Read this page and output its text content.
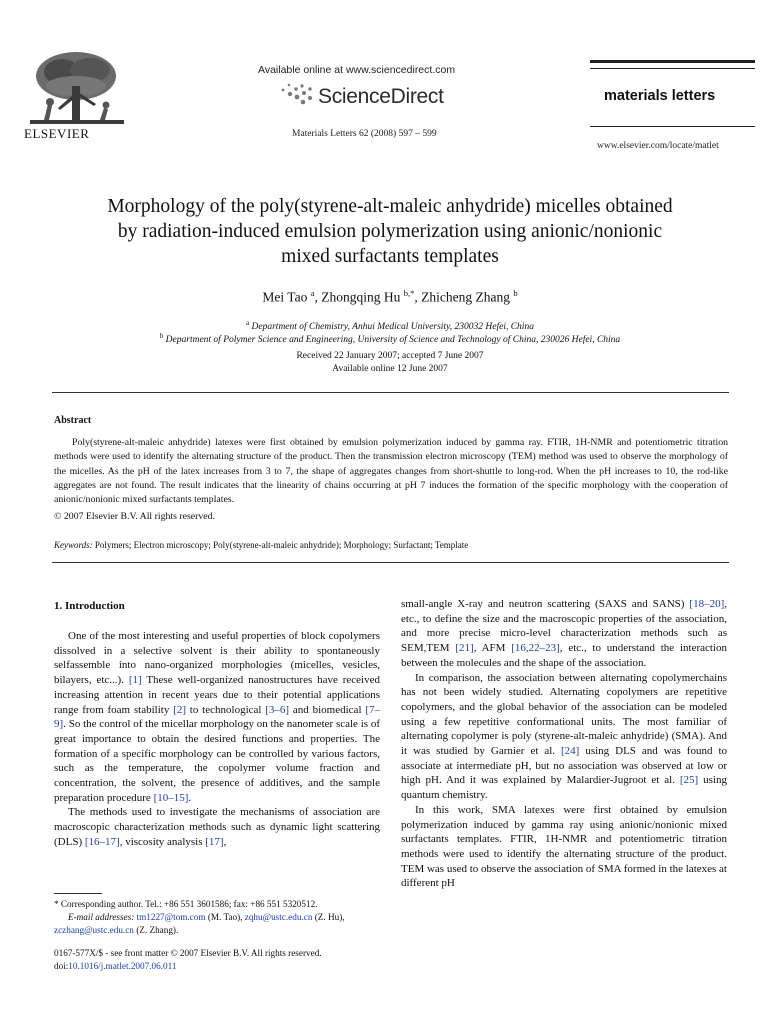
ELSEVIER
Available online at www.sciencedirect.com
ScienceDirect
Materials Letters 62 (2008) 597 – 599
materials letters
www.elsevier.com/locate/matlet
Morphology of the poly(styrene-alt-maleic anhydride) micelles obtained
by radiation-induced emulsion polymerization using anionic/nonionic
mixed surfactants templates
Mei Tao $^a$, Zhongqing Hu $^{b,*}$, Zhicheng Zhang $^b$
$^a$ Department of Chemistry, Anhui Medical University, 230032 Hefei, China
$^b$ Department of Polymer Science and Engineering, University of Science and Technology of China, 230026 Hefei, China
Received 22 January 2007; accepted 7 June 2007
Available online 12 June 2007
Abstract
Poly(styrene-alt-maleic anhydride) latexes were first obtained by emulsion polymerization induced by gamma ray. FTIR, 1H-NMR and potentiometric titration methods were used to identify the alternating structure of the product. Then the transmission electron microscopy (TEM) method was used to observe the morphology of the micelles. As the pH of the latex increases from 3 to 7, the shape of aggregates changes from short-shuttle to long-rod. When the pH increases to 10, the rod-like aggregates are not found. The result indicates that the linearity of chains occurring at pH 7 induces the formation of the specific morphology with the cooperation of anionic/nonionic mixed surfactants templates.
© 2007 Elsevier B.V. All rights reserved.
Keywords: Polymers; Electron microscopy; Poly(styrene-alt-maleic anhydride); Morphology; Surfactant; Template
1. Introduction

One of the most interesting and useful properties of block copolymers dissolved in a selective solvent is their ability to spontaneously selfassemble into nano-organized morphologies (micelles, vesicles, bilayers, etc...). [1] These well-organized nanostructures have received increasing attention in recent years due to their potential applications range from foam stability [2] to technological [3–6] and biomedical [7–9]. So the control of the micellar morphology on the nanometer scale is of great importance to obtain the desired functions and properties. The formation of a specific morphology can be controlled by various factors, such as the temperature, the copolymer volume fraction and concentration, the solvent, the presence of additives, and the sample preparation procedure [10–15].

The methods used to investigate the mechanisms of association are macroscopic characterization methods such as dynamic light scattering (DLS) [16–17], viscosity analysis [17],

small-angle X-ray and neutron scattering (SAXS and SANS) [18–20], etc., to define the size and the macroscopic properties of the association, and more precise micro-level characterization methods such as SEM,TEM [21], AFM [16,22–23], etc., to understand the interaction between the molecules and the shape of the association.

In comparison, the association between alternating copolymerchains has not been widely studied. Alternating copolymers are repetitive copolymers, and the global behavior of the association can be modeled using a few repetitive conformational units. The most familiar of alternating copolymer is poly (styrene-alt-maleic anhydride) (SMA). And it was studied by Garnier et al. [24] using DLS and was found to associate at intermediate pH, but no association was observed at low or high pH. And it was explained by Malardier-Jugroot et al. [25] using quantum chemistry.

In this work, SMA latexes were first obtained by emulsion polymerization induced by gamma ray using anionic/nonionic mixed surfactants templates. FTIR, 1H-NMR and potentiometric titration methods were used to identify the alternating structure of the product. TEM was used to observe the association of SMA formed in the latexes at different pH

* Corresponding author. Tel.: +86 551 3601586; fax: +86 551 5320512.
E-mail addresses: tm1227@tom.com (M. Tao), zqhu@ustc.edu.cn (Z. Hu),
zczhang@ustc.edu.cn (Z. Zhang).
0167-577X/$ - see front matter © 2007 Elsevier B.V. All rights reserved.
doi:10.1016/j.matlet.2007.06.011
